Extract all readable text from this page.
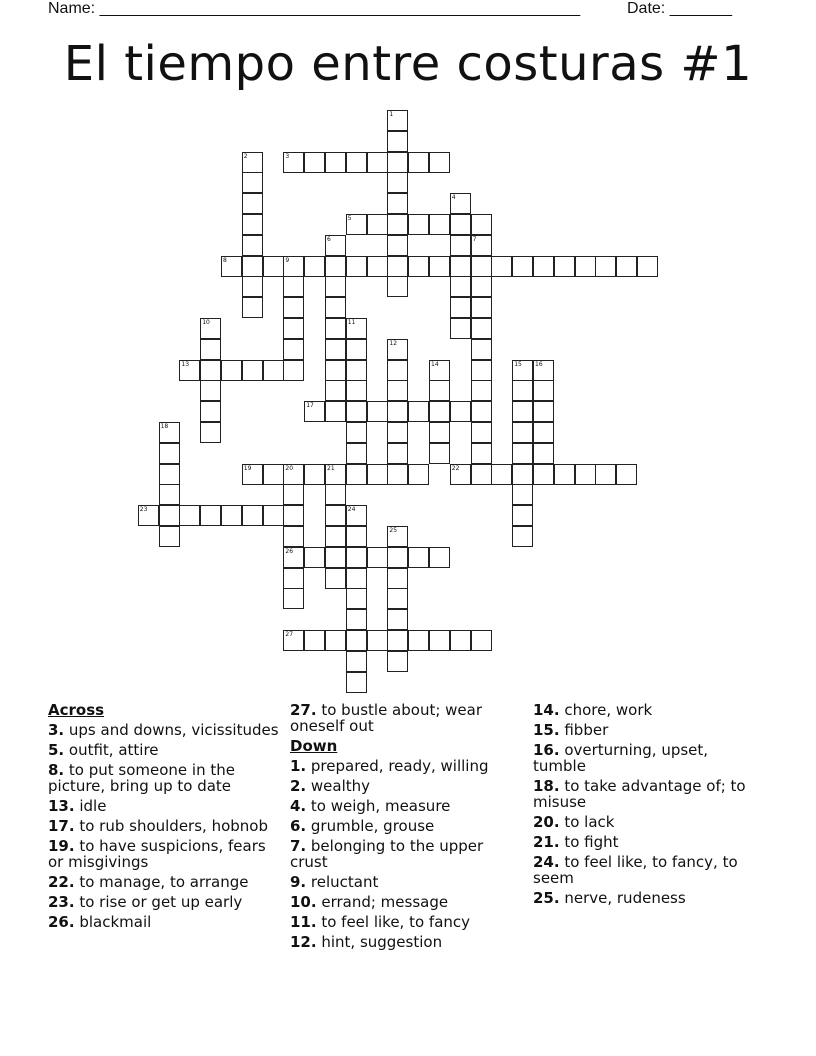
Name: ______________________________________________________	Date: _______
El tiempo entre costuras #1
1
2	3
4
5
6	7
8	9
10	11
12
13	14	15 16
17
18
19	20	21	22
23	24
25
26
27
Across
3. ups and downs, vicissitudes
5. outfit, attire
8. to put someone in the picture, bring up to date
13. idle
17. to rub shoulders, hobnob
19. to have suspicions, fears or misgivings
22. to manage, to arrange
23. to rise or get up early
26. blackmail
27. to bustle about; wear oneself out
Down
1. prepared, ready, willing
2. wealthy
4. to weigh, measure
6. grumble, grouse
7. belonging to the upper crust
9. reluctant
10. errand; message
11. to feel like, to fancy
12. hint, suggestion
14. chore, work
15. fibber
16. overturning, upset, tumble
18. to take advantage of; to misuse
20. to lack
21. to fight
24. to feel like, to fancy, to seem
25. nerve, rudeness
